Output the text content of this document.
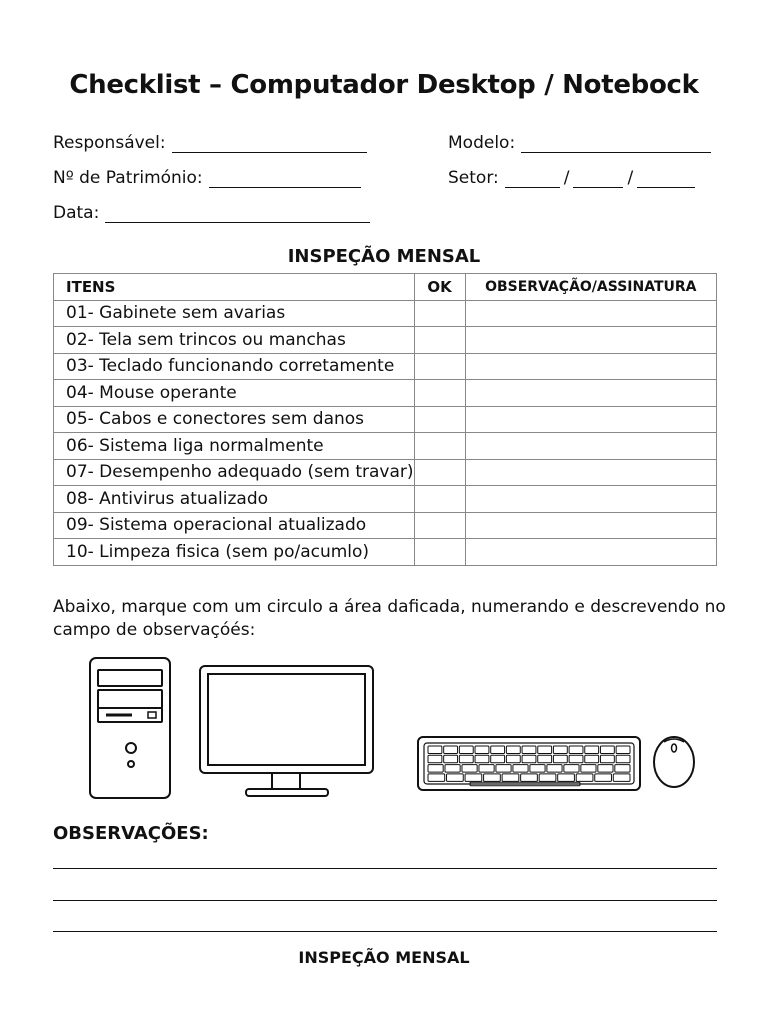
Checklist – Computador Desktop / Notebock
Responsável:	Modelo:
Nº de Património:	Setor:	/	/
Data:
INSPEÇÃO MENSAL
ITENS	OK	OBSERVAÇÃO/ASSINATURA
01- Gabinete sem avarias		
02- Tela sem trincos ou manchas		
03- Teclado funcionando corretamente		
04- Mouse operante		
05- Cabos e conectores sem danos		
06- Sistema liga normalmente		
07- Desempenho adequado (sem travar)		
08- Antivirus atualizado		
09- Sistema operacional atualizado		
10- Limpeza fisica (sem po/acumlo)		
Abaixo, marque com um circulo a área daficada, numerando e descrevendo no campo de observaçóés:
OBSERVAÇÕES:
INSPEÇÃO MENSAL
